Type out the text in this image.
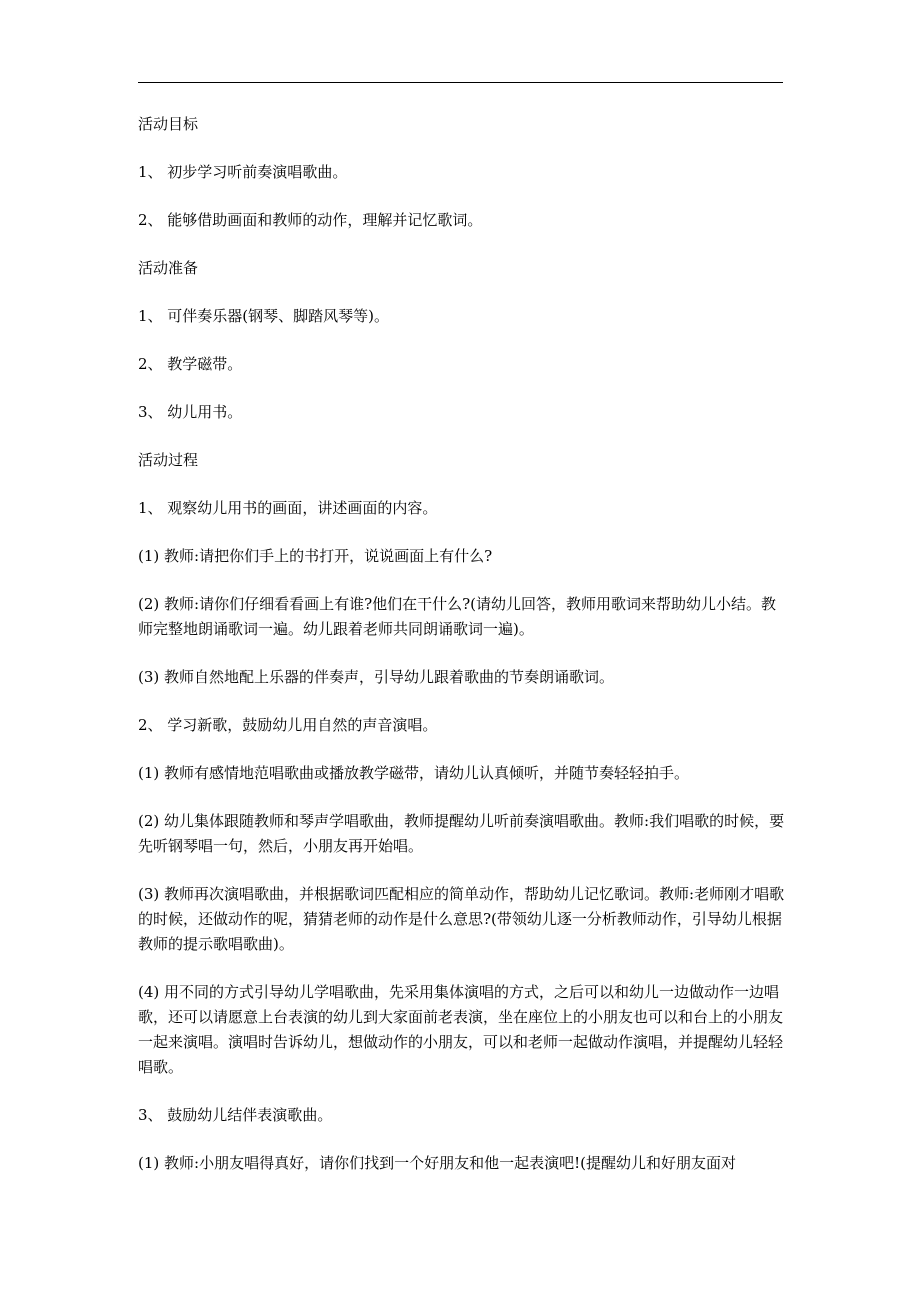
活动目标

1、 初步学习听前奏演唱歌曲。

2、 能够借助画面和教师的动作，理解并记忆歌词。

活动准备

1、 可伴奏乐器(钢琴、脚踏风琴等)。

2、 教学磁带。

3、 幼儿用书。

活动过程

1、 观察幼儿用书的画面，讲述画面的内容。

(1) 教师:请把你们手上的书打开，说说画面上有什么?

(2) 教师:请你们仔细看看画上有谁?他们在干什么?(请幼儿回答，教师用歌词来帮助幼儿小结。教师完整地朗诵歌词一遍。幼儿跟着老师共同朗诵歌词一遍)。

(3) 教师自然地配上乐器的伴奏声，引导幼儿跟着歌曲的节奏朗诵歌词。

2、 学习新歌，鼓励幼儿用自然的声音演唱。

(1) 教师有感情地范唱歌曲或播放教学磁带，请幼儿认真倾听，并随节奏轻轻拍手。

(2) 幼儿集体跟随教师和琴声学唱歌曲，教师提醒幼儿听前奏演唱歌曲。教师:我们唱歌的时候，要先听钢琴唱一句，然后，小朋友再开始唱。

(3) 教师再次演唱歌曲，并根据歌词匹配相应的简单动作，帮助幼儿记忆歌词。教师:老师刚才唱歌的时候，还做动作的呢，猜猜老师的动作是什么意思?(带领幼儿逐一分析教师动作，引导幼儿根据教师的提示歌唱歌曲)。

(4) 用不同的方式引导幼儿学唱歌曲，先采用集体演唱的方式，之后可以和幼儿一边做动作一边唱歌，还可以请愿意上台表演的幼儿到大家面前老表演，坐在座位上的小朋友也可以和台上的小朋友一起来演唱。演唱时告诉幼儿，想做动作的小朋友，可以和老师一起做动作演唱，并提醒幼儿轻轻唱歌。

3、 鼓励幼儿结伴表演歌曲。

(1) 教师:小朋友唱得真好，请你们找到一个好朋友和他一起表演吧!(提醒幼儿和好朋友面对
